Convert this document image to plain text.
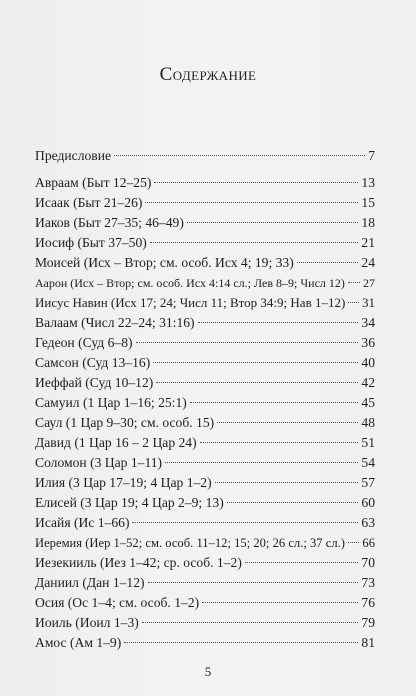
Содержание
Предисловие	7
Авраам (Быт 12–25)	13
Исаак (Быт 21–26)	15
Иаков (Быт 27–35; 46–49)	18
Иосиф (Быт 37–50)	21
Моисей (Исх – Втор; см. особ. Исх 4; 19; 33)	24
Аарон (Исх – Втор; см. особ. Исх 4:14 сл.; Лев 8–9; Числ 12) 27
Иисус Навин (Исх 17; 24; Числ 11; Втор 34:9; Нав 1–12) 31
Валаам (Числ 22–24; 31:16)	34
Гедеон (Суд 6–8)	36
Самсон (Суд 13–16)	40
Иеффай (Суд 10–12)	42
Самуил (1 Цар 1–16; 25:1)	45
Саул (1 Цар 9–30; см. особ. 15)	48
Давид (1 Цар 16 – 2 Цар 24)	51
Соломон (3 Цар 1–11)	54
Илия (3 Цар 17–19; 4 Цар 1–2)	57
Елисей (3 Цар 19; 4 Цар 2–9; 13)	60
Исайя (Ис 1–66)	63
Иеремия (Иер 1–52; см. особ. 11–12; 15; 20; 26 сл.; 37 сл.) 66
Иезекииль (Иез 1–42; ср. особ. 1–2)	70
Даниил (Дан 1–12)	73
Осия (Ос 1–4; см. особ. 1–2)	76
Иоиль (Иоил 1–3)	79
Амос (Ам 1–9)	81
5
